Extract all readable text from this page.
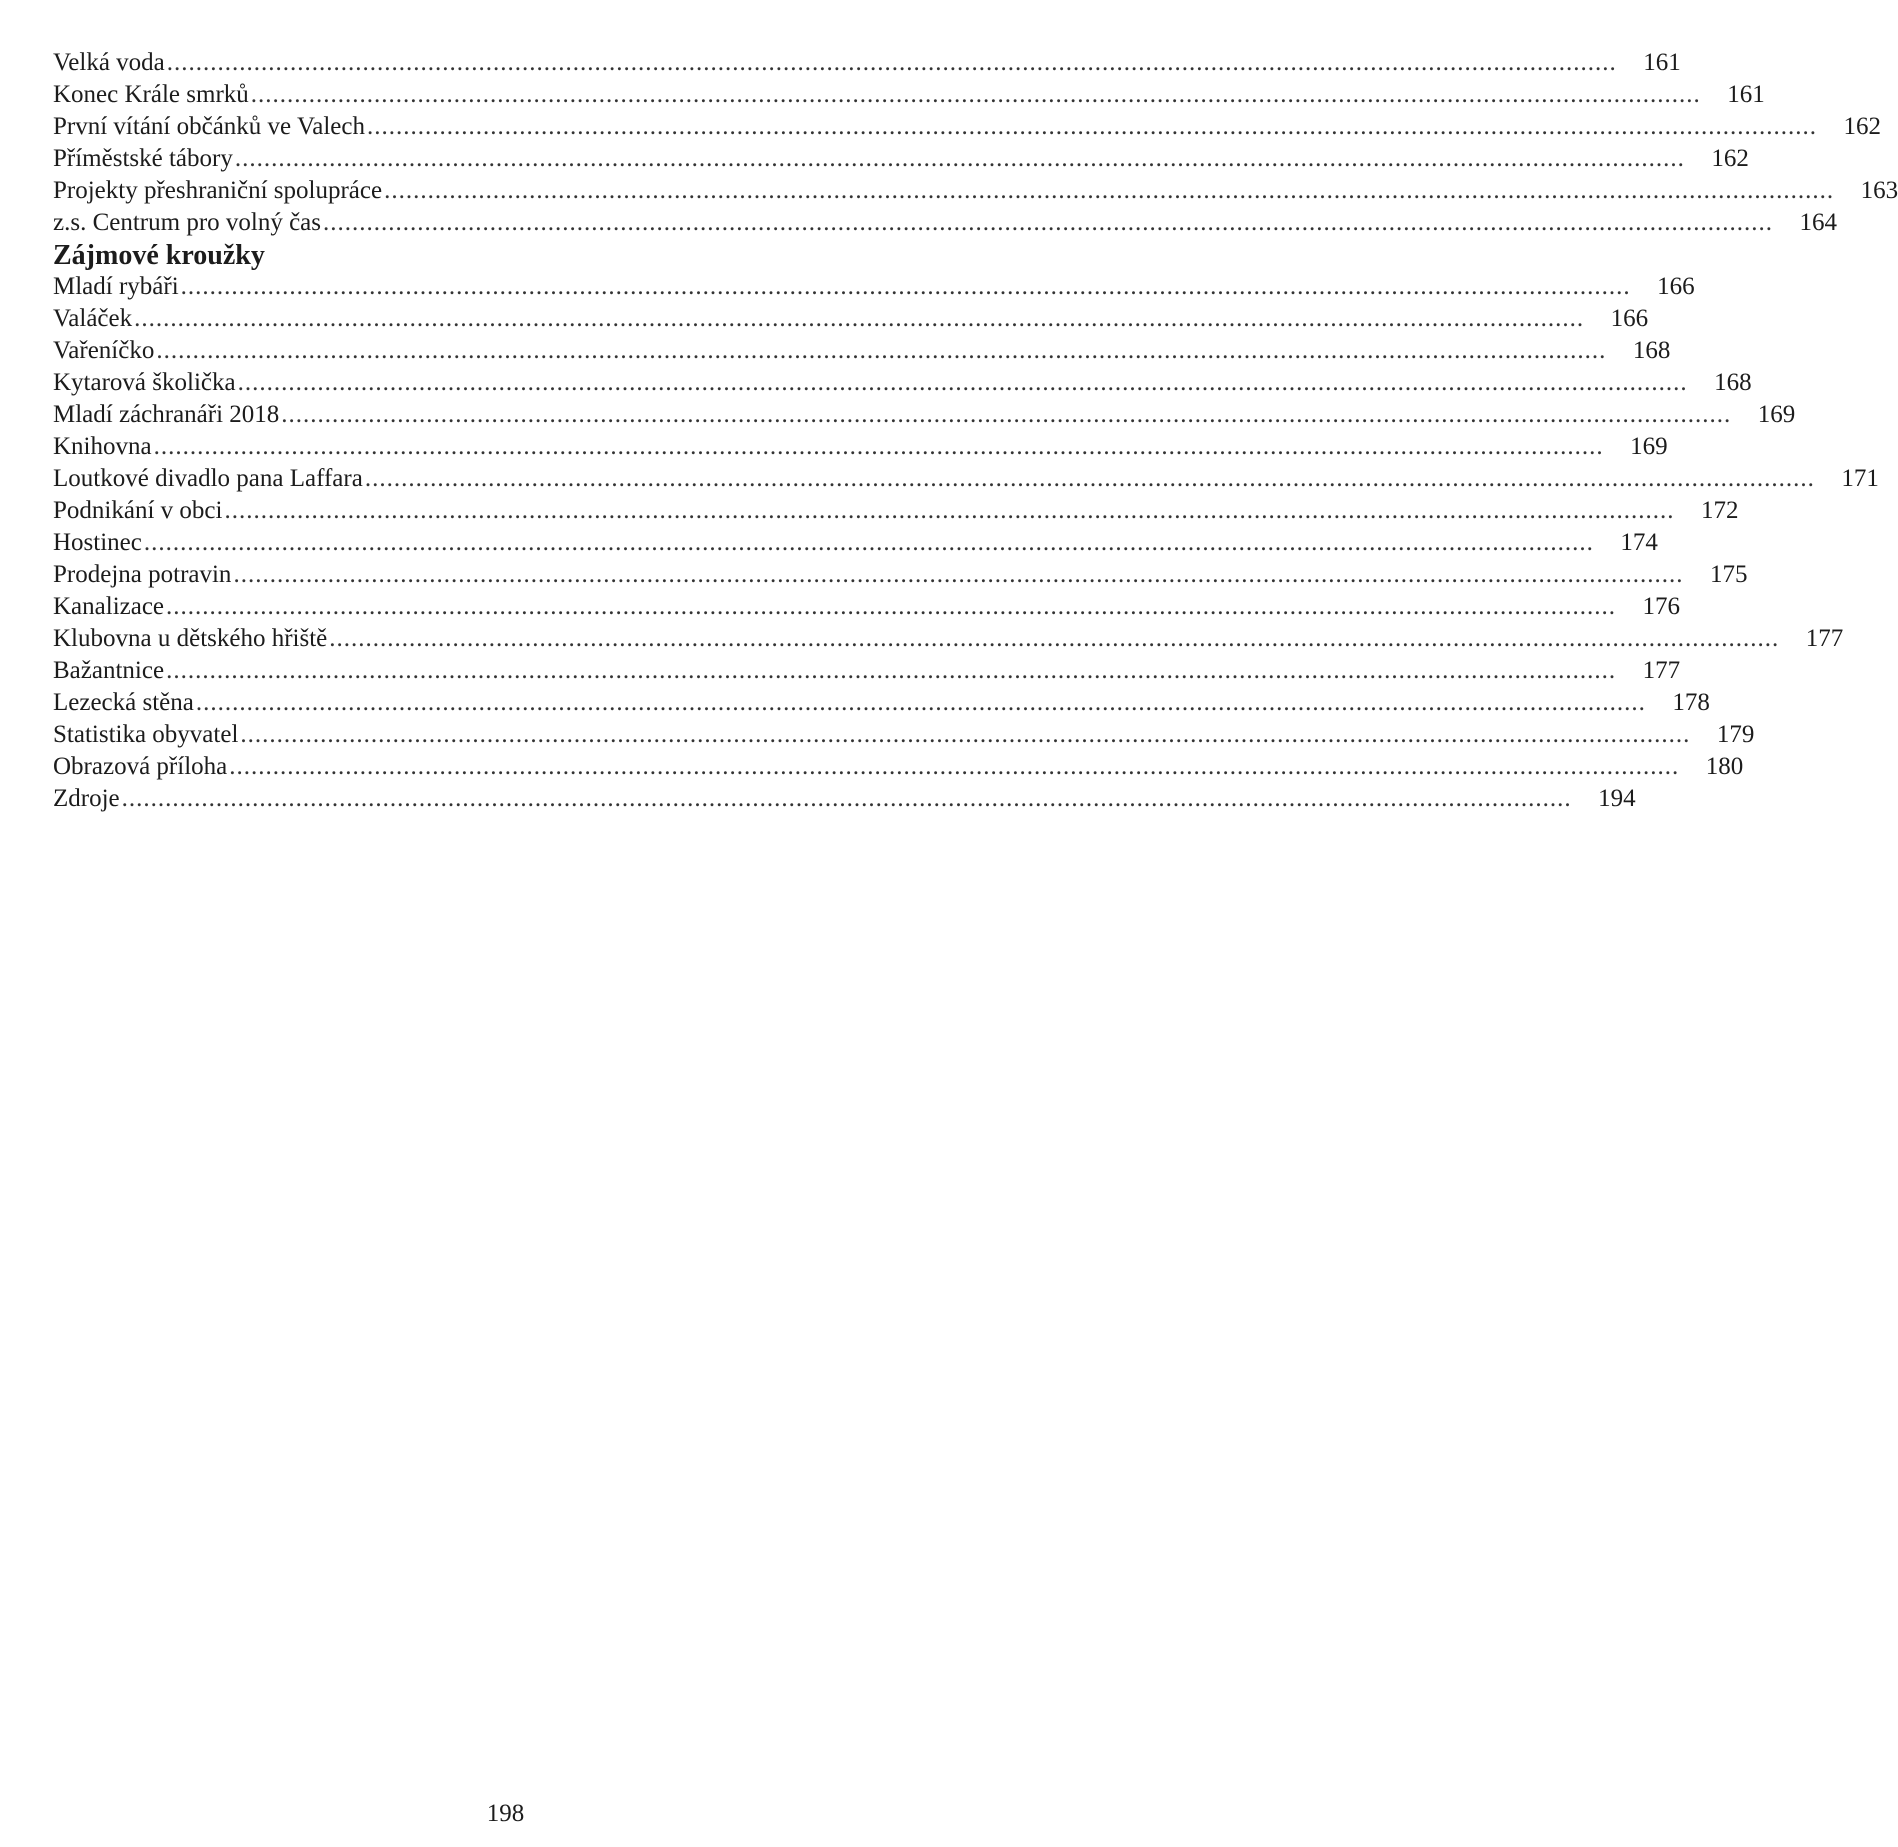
Velká voda ........................................................................................................................................................................................................	161
Konec Krále smrků ........................................................................................................................................................................................................	161
První vítání občánků ve Valech ........................................................................................................................................................................................................	162
Příměstské tábory ........................................................................................................................................................................................................	162
Projekty přeshraniční spolupráce ........................................................................................................................................................................................................	163
z.s. Centrum pro volný čas ........................................................................................................................................................................................................	164
Zájmové kroužky
Mladí rybáři ........................................................................................................................................................................................................	166
Valáček ........................................................................................................................................................................................................	166
Vařeníčko ........................................................................................................................................................................................................	168
Kytarová školička ........................................................................................................................................................................................................	168
Mladí záchranáři 2018 ........................................................................................................................................................................................................	169
Knihovna ........................................................................................................................................................................................................	169
Loutkové divadlo pana Laffara ........................................................................................................................................................................................................	171
Podnikání v obci ........................................................................................................................................................................................................	172
Hostinec ........................................................................................................................................................................................................	174
Prodejna potravin ........................................................................................................................................................................................................	175
Kanalizace ........................................................................................................................................................................................................	176
Klubovna u dětského hřiště ........................................................................................................................................................................................................	177
Bažantnice ........................................................................................................................................................................................................	177
Lezecká stěna ........................................................................................................................................................................................................	178
Statistika obyvatel ........................................................................................................................................................................................................	179
Obrazová příloha ........................................................................................................................................................................................................	180
Zdroje ........................................................................................................................................................................................................	194
198
